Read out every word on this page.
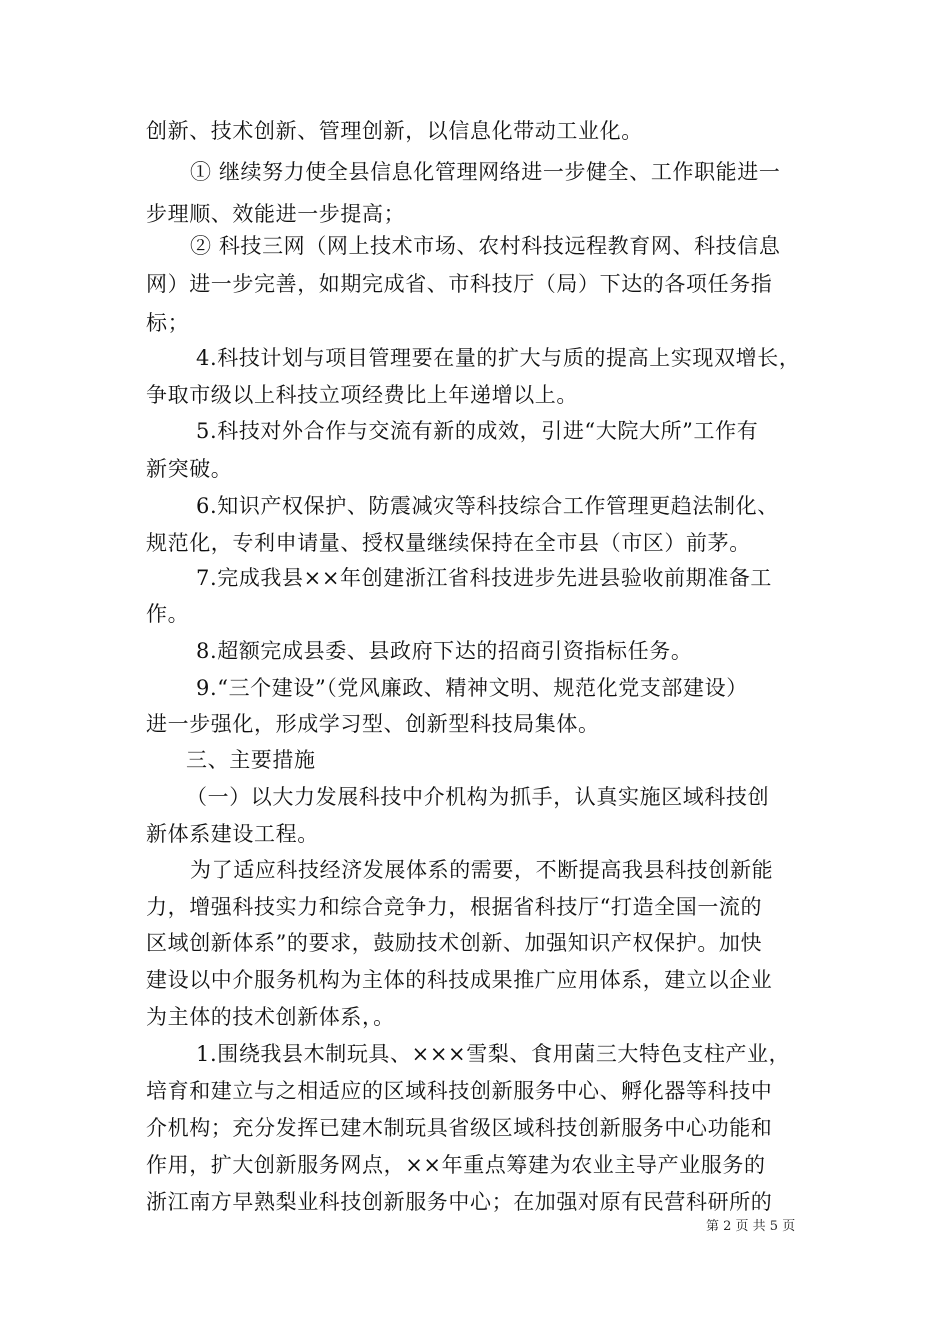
创新、技术创新、管理创新，以信息化带动工业化。
① 继续努力使全县信息化管理网络进一步健全、工作职能进一
步理顺、效能进一步提高；
② 科技三网（网上技术市场、农村科技远程教育网、科技信息
网）进一步完善，如期完成省、市科技厅（局）下达的各项任务指
标；
4.科技计划与项目管理要在量的扩大与质的提高上实现双增长，
争取市级以上科技立项经费比上年递增以上。
5.科技对外合作与交流有新的成效，引进“大院大所”工作有
新突破。
6.知识产权保护、防震减灾等科技综合工作管理更趋法制化、
规范化，专利申请量、授权量继续保持在全市县（市区）前茅。
7.完成我县××年创建浙江省科技进步先进县验收前期准备工
作。
8.超额完成县委、县政府下达的招商引资指标任务。
9.“三个建设”（党风廉政、精神文明、规范化党支部建设）
进一步强化，形成学习型、创新型科技局集体。
三、主要措施
（一）以大力发展科技中介机构为抓手，认真实施区域科技创
新体系建设工程。
为了适应科技经济发展体系的需要，不断提高我县科技创新能
力，增强科技实力和综合竞争力，根据省科技厅“打造全国一流的
区域创新体系”的要求，鼓励技术创新、加强知识产权保护。加快
建设以中介服务机构为主体的科技成果推广应用体系，建立以企业
为主体的技术创新体系，。
1.围绕我县木制玩具、×××雪梨、食用菌三大特色支柱产业，
培育和建立与之相适应的区域科技创新服务中心、孵化器等科技中
介机构；充分发挥已建木制玩具省级区域科技创新服务中心功能和
作用，扩大创新服务网点，××年重点筹建为农业主导产业服务的
浙江南方早熟梨业科技创新服务中心；在加强对原有民营科研所的
第 2 页 共 5 页
